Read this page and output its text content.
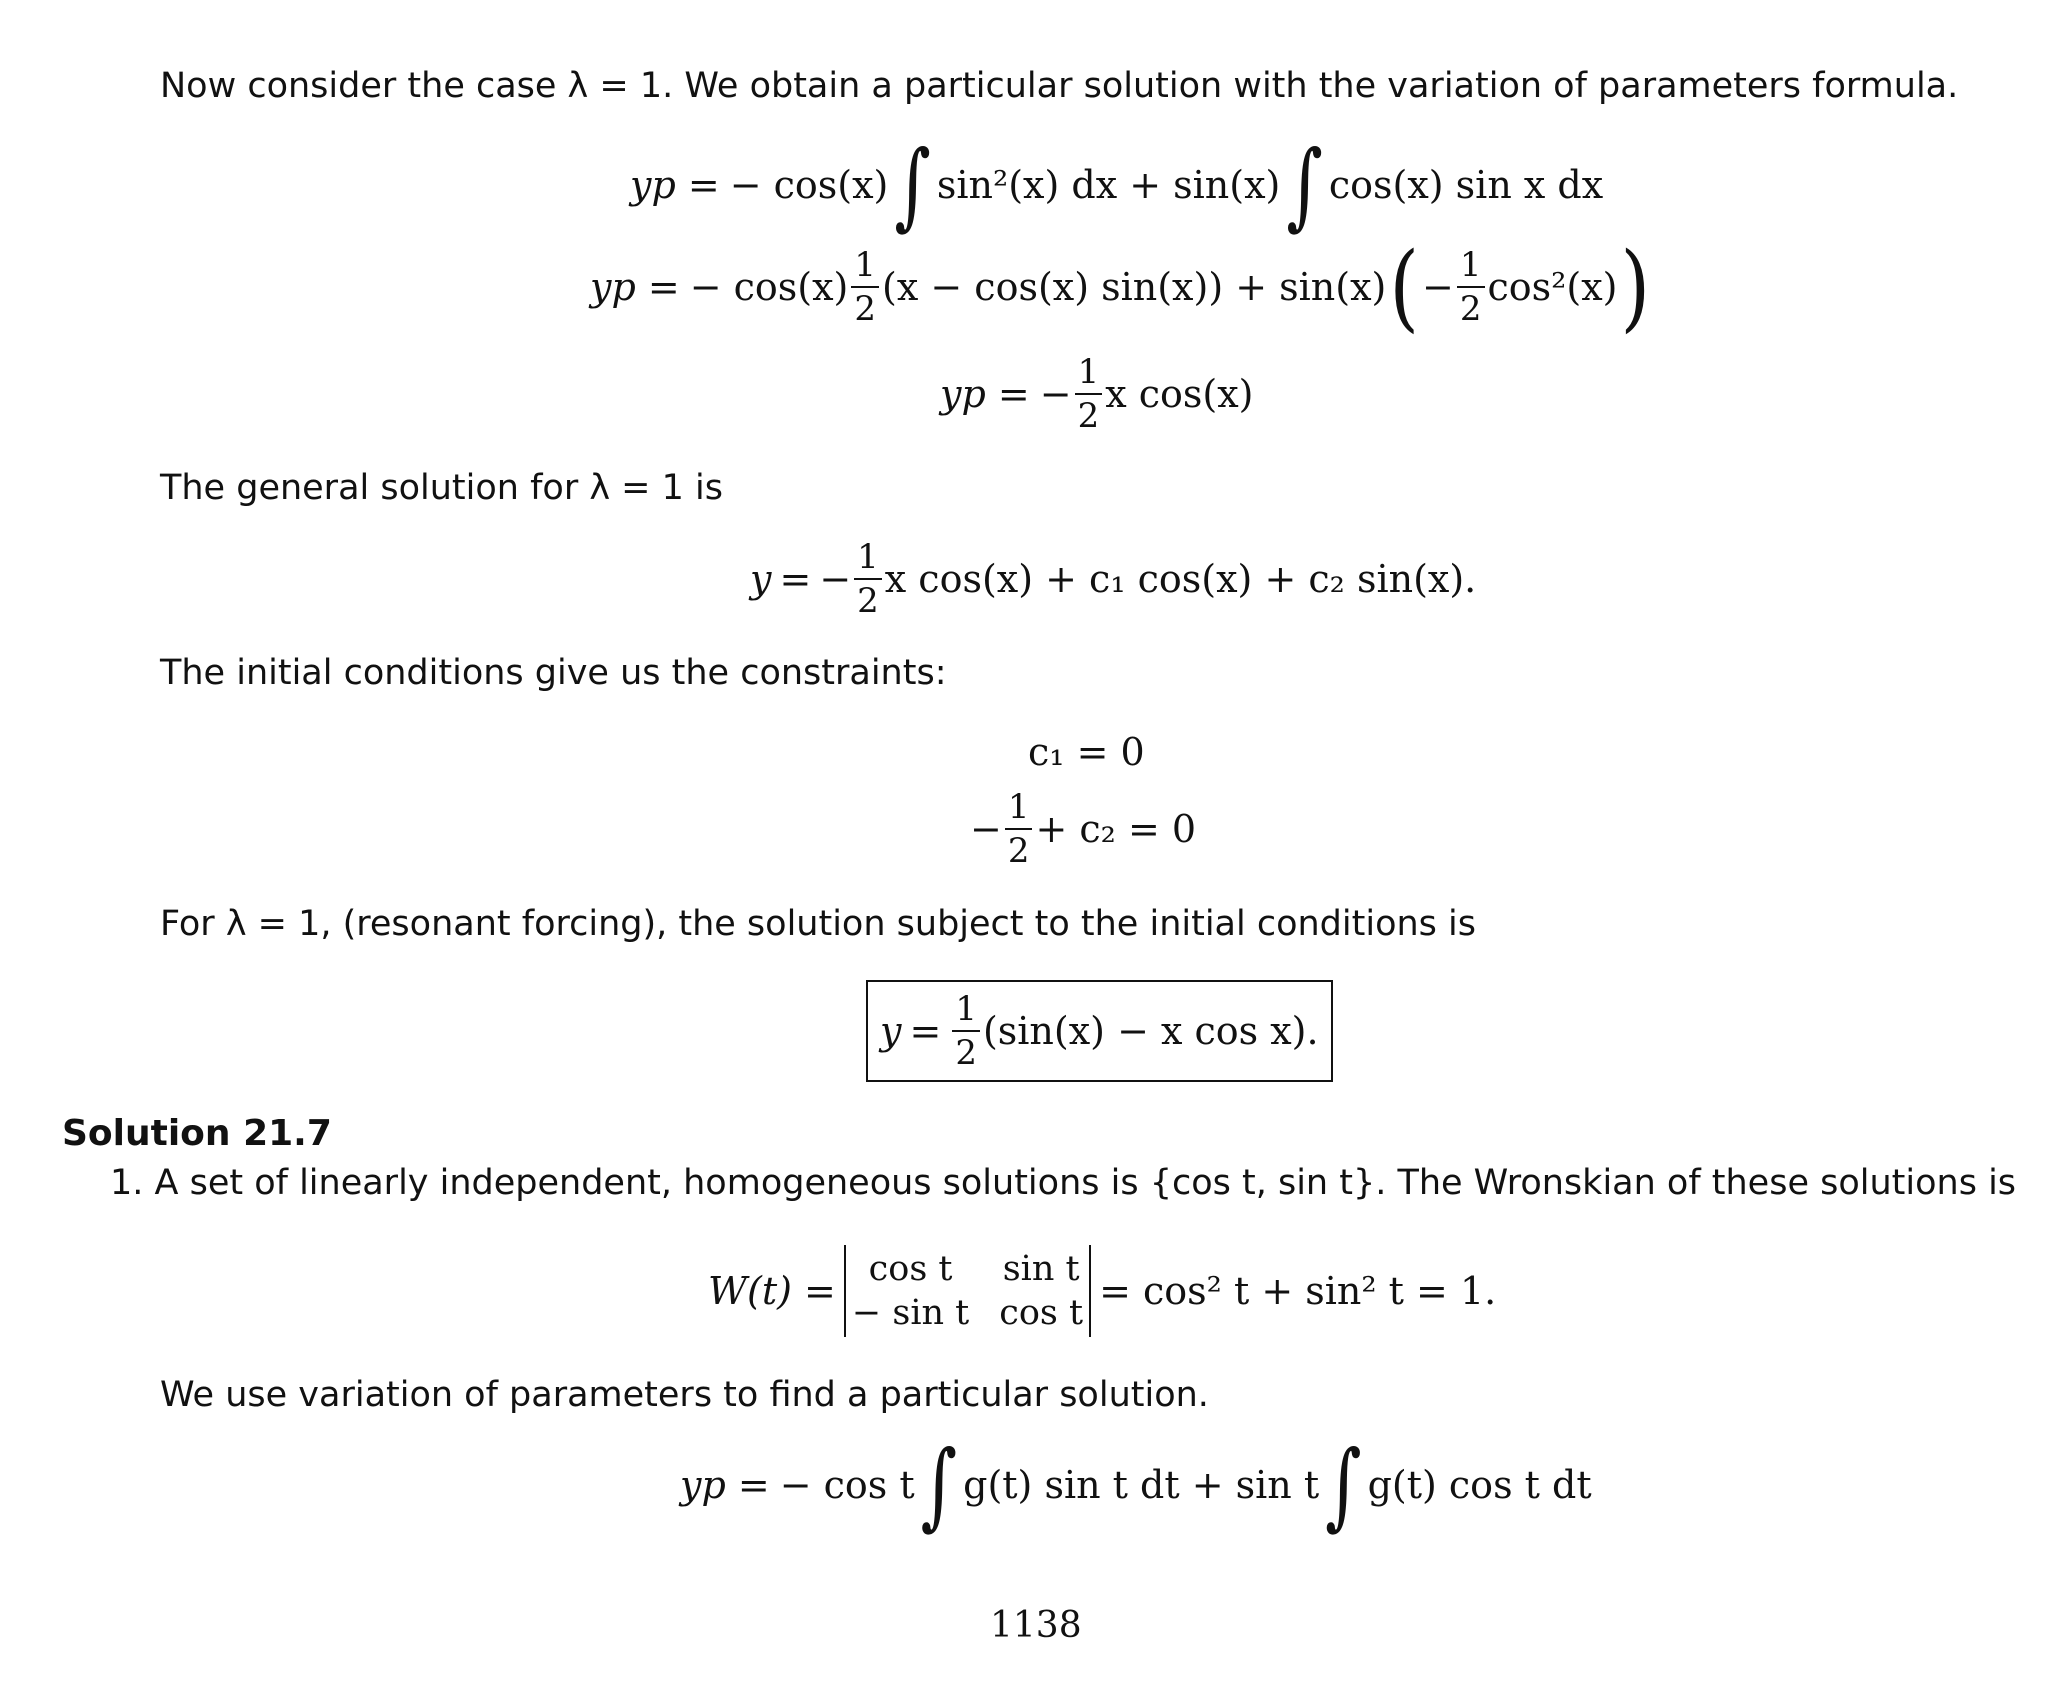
Now consider the case λ = 1. We obtain a particular solution with the variation of parameters formula.
yp = − cos(x) ∫ sin²(x) dx + sin(x) ∫ cos(x) sin x dx
yp = − $\cos(x) \frac{1}{2} (x - \cos(x) \sin(x)) + \sin(x)$ ( − $\frac{1}{2} \cos^2(x)$ )
yp = − $\frac{1}{2}$ x cos(x)
The general solution for λ = 1 is
y = − $\frac{1}{2}$ x cos(x) + c₁ cos(x) + c₂ sin(x).
The initial conditions give us the constraints:
c₁ = 0
− $\frac{1}{2} + c_2 = 0$
For λ = 1, (resonant forcing), the solution subject to the initial conditions is
$y = \frac{1}{2} (\sin(x) - x$ cos x).
Solution 21.7
1. A set of linearly independent, homogeneous solutions is {cos t, sin t}. The Wronskian of these solutions is
W(t) = cos t	sin t
− sin t cos t = cos² t + sin² t = 1.
We use variation of parameters to find a particular solution.
yp = − cos t ∫ g(t) sin t dt + sin t ∫ g(t) cos t dt
1138
